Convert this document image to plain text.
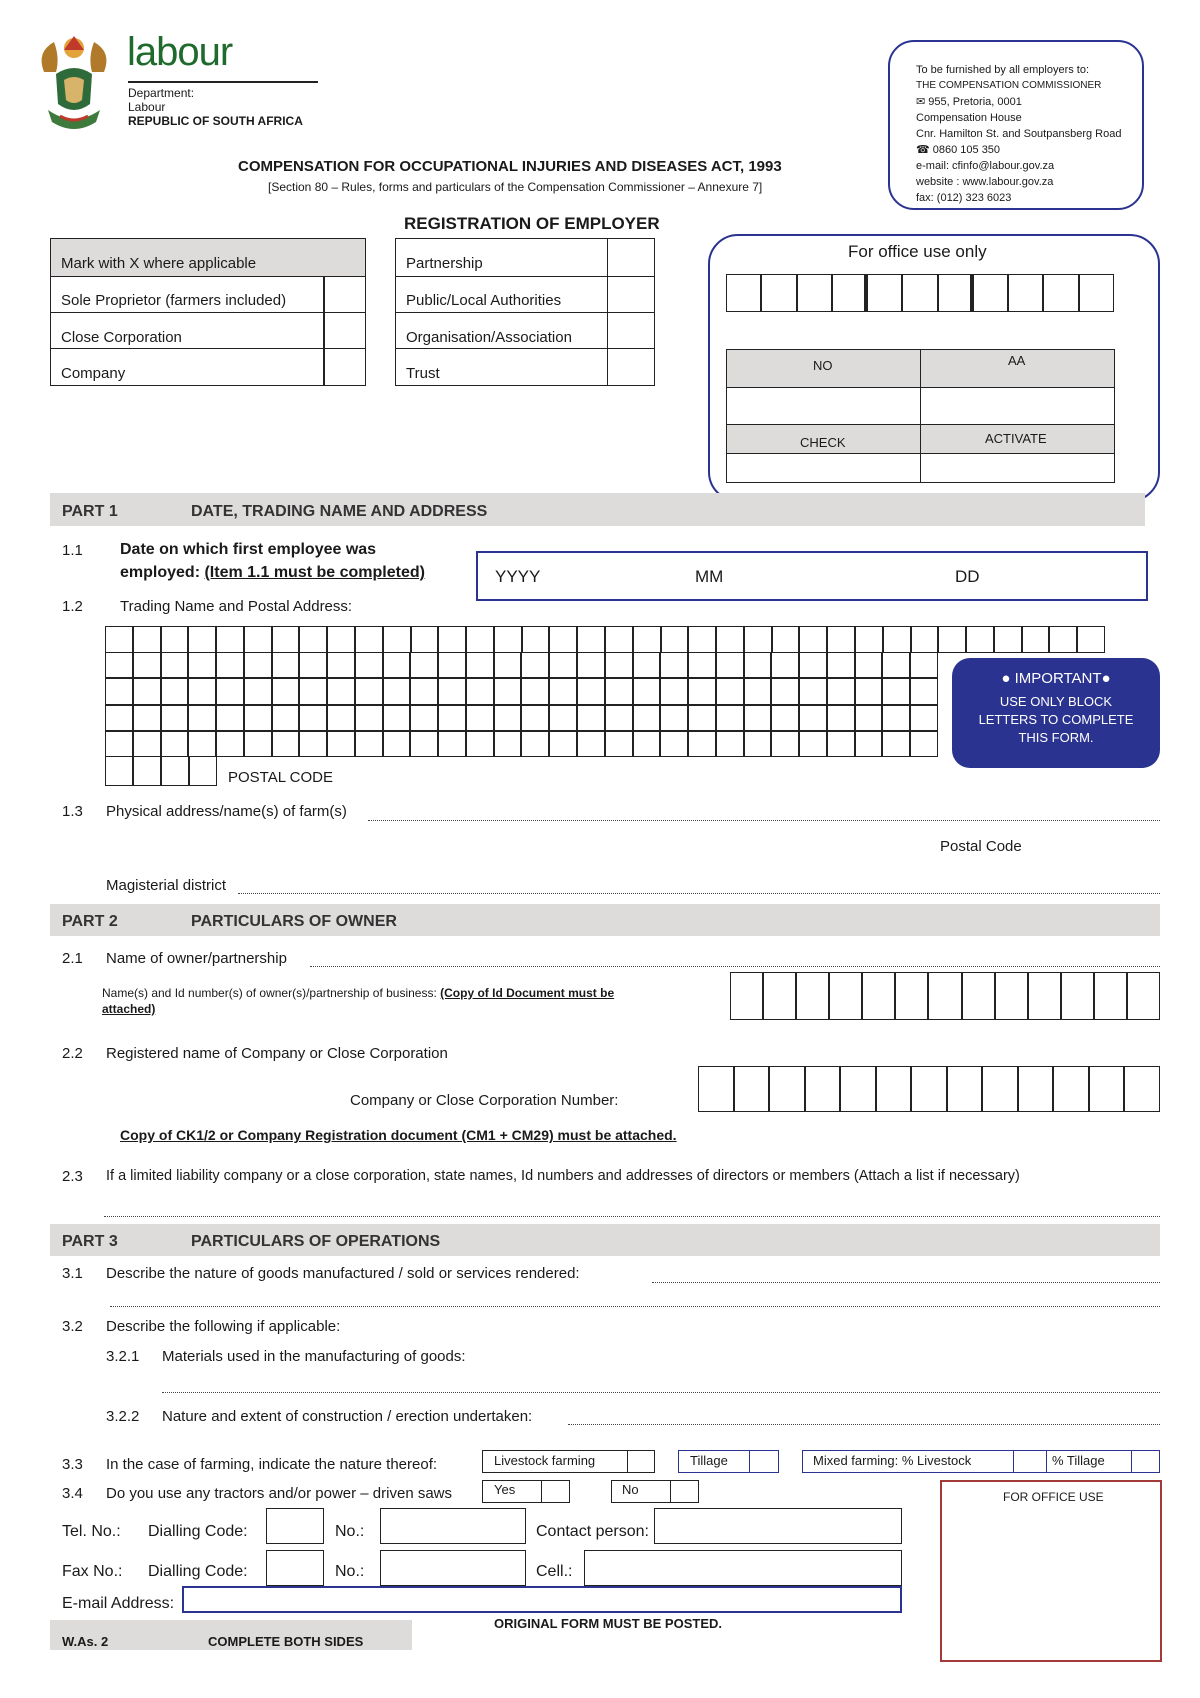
labour
Department:
Labour
REPUBLIC OF SOUTH AFRICA
COMPENSATION FOR OCCUPATIONAL INJURIES AND DISEASES ACT, 1993
[Section 80 – Rules, forms and particulars of the Compensation Commissioner – Annexure 7]
REGISTRATION OF EMPLOYER
To be furnished by all employers to:
THE COMPENSATION COMMISSIONER
✉ 955, Pretoria, 0001
Compensation House
Cnr. Hamilton St. and Soutpansberg Road
☎ 0860 105 350
e-mail: cfinfo@labour.gov.za
website : www.labour.gov.za
fax: (012) 323 6023
Mark with X where applicable
Sole Proprietor (farmers included)
Close Corporation
Company
Partnership
Public/Local Authorities
Organisation/Association
Trust
For office use only
NO	AA
CHECK	ACTIVATE
PART 1	DATE, TRADING NAME AND ADDRESS
1.1 Date on which first employee was
employed: (Item 1.1 must be completed)	YYYY	MM	DD
1.2 Trading Name and Postal Address:
POSTAL CODE
● IMPORTANT●
USE ONLY BLOCK LETTERS TO COMPLETE THIS FORM.
1.3 Physical address/name(s) of farm(s)
Postal Code
Magisterial district
PART 2	PARTICULARS OF OWNER
2.1 Name of owner/partnership
Name(s) and Id number(s) of owner(s)/partnership of business: (Copy of Id Document must be
attached)
2.2 Registered name of Company or Close Corporation
Company or Close Corporation Number:
Copy of CK1/2 or Company Registration document (CM1 + CM29) must be attached.
2.3 If a limited liability company or a close corporation, state names, Id numbers and addresses of directors or members (Attach a list if necessary)
PART 3	PARTICULARS OF OPERATIONS
3.1 Describe the nature of goods manufactured / sold or services rendered:
3.2 Describe the following if applicable:
3.2.1 Materials used in the manufacturing of goods:
3.2.2 Nature and extent of construction / erection undertaken:
3.3 In the case of farming, indicate the nature thereof:	Livestock farming	Tillage	Mixed farming: % Livestock	% Tillage
3.4 Do you use any tractors and/or power – driven saws	Yes	No
Tel. No.: Dialling Code:	No.:	Contact person:
Fax No.: Dialling Code:	No.:	Cell.:
E-mail Address:
W.As. 2	COMPLETE BOTH SIDES
ORIGINAL FORM MUST BE POSTED.
FOR OFFICE USE
